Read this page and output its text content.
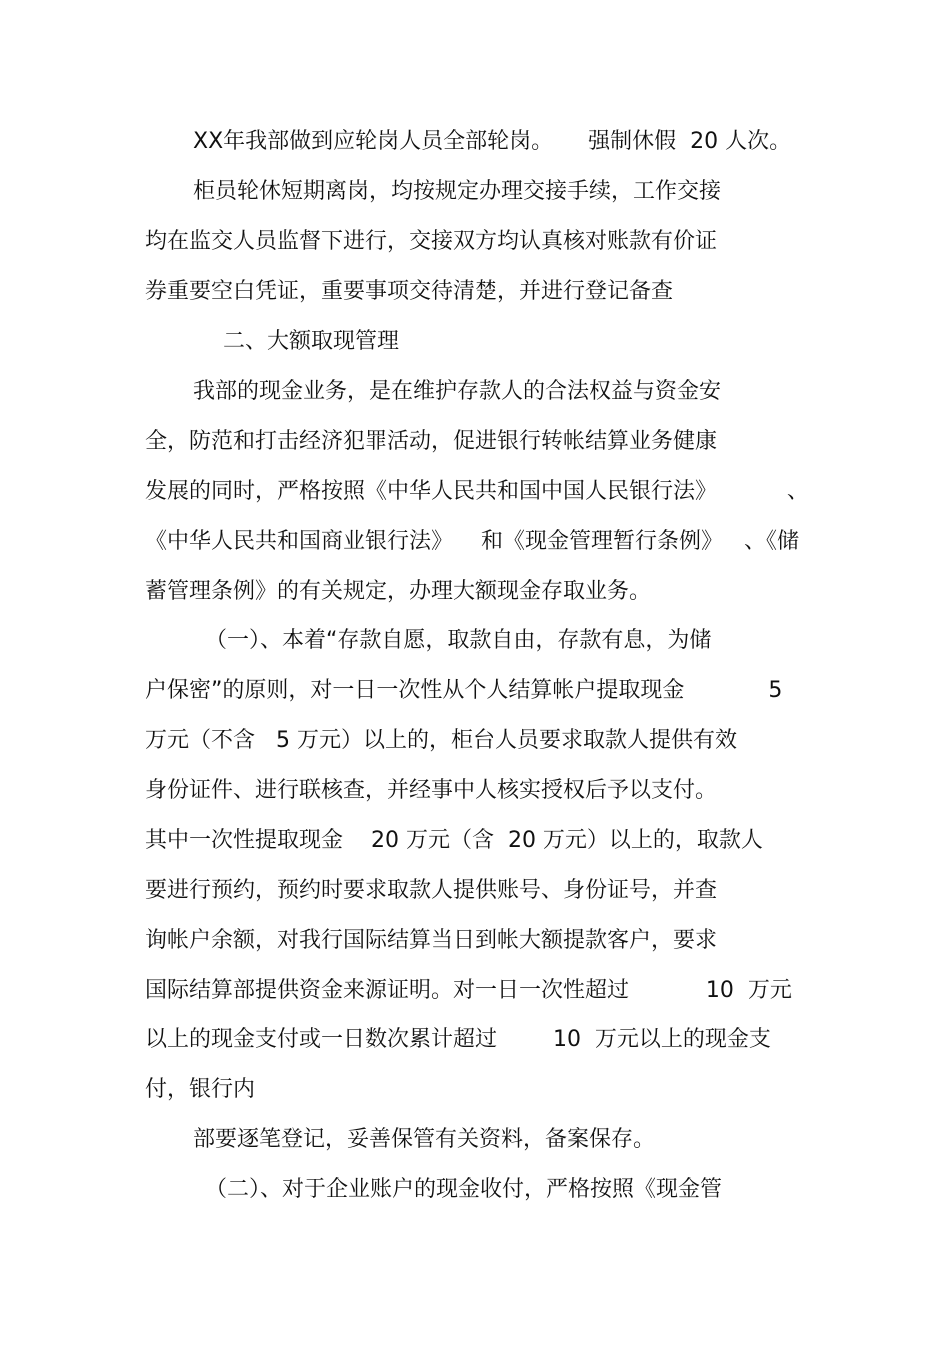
XX年我部做到应轮岗人员全部轮岗。     强制休假  20 人次。
柜员轮休短期离岗，均按规定办理交接手续，工作交接
均在监交人员监督下进行，交接双方均认真核对账款有价证
券重要空白凭证，重要事项交待清楚，并进行登记备查
二、大额取现管理
我部的现金业务，是在维护存款人的合法权益与资金安
全，防范和打击经济犯罪活动，促进银行转帐结算业务健康
发展的同时，严格按照《中华人民共和国中国人民银行法》          、
《中华人民共和国商业银行法》    和《现金管理暂行条例》   、《储
蓄管理条例》的有关规定，办理大额现金存取业务。
（一）、本着“存款自愿，取款自由，存款有息，为储
户保密”的原则，对一日一次性从个人结算帐户提取现金            5
万元（不含   5 万元）以上的，柜台人员要求取款人提供有效
身份证件、进行联核查，并经事中人核实授权后予以支付。
其中一次性提取现金    20 万元（含  20 万元）以上的，取款人
要进行预约，预约时要求取款人提供账号、身份证号，并查
询帐户余额，对我行国际结算当日到帐大额提款客户，要求
国际结算部提供资金来源证明。对一日一次性超过           10  万元
以上的现金支付或一日数次累计超过        10  万元以上的现金支
付，银行内
部要逐笔登记，妥善保管有关资料，备案保存。
（二）、对于企业账户的现金收付，严格按照《现金管
